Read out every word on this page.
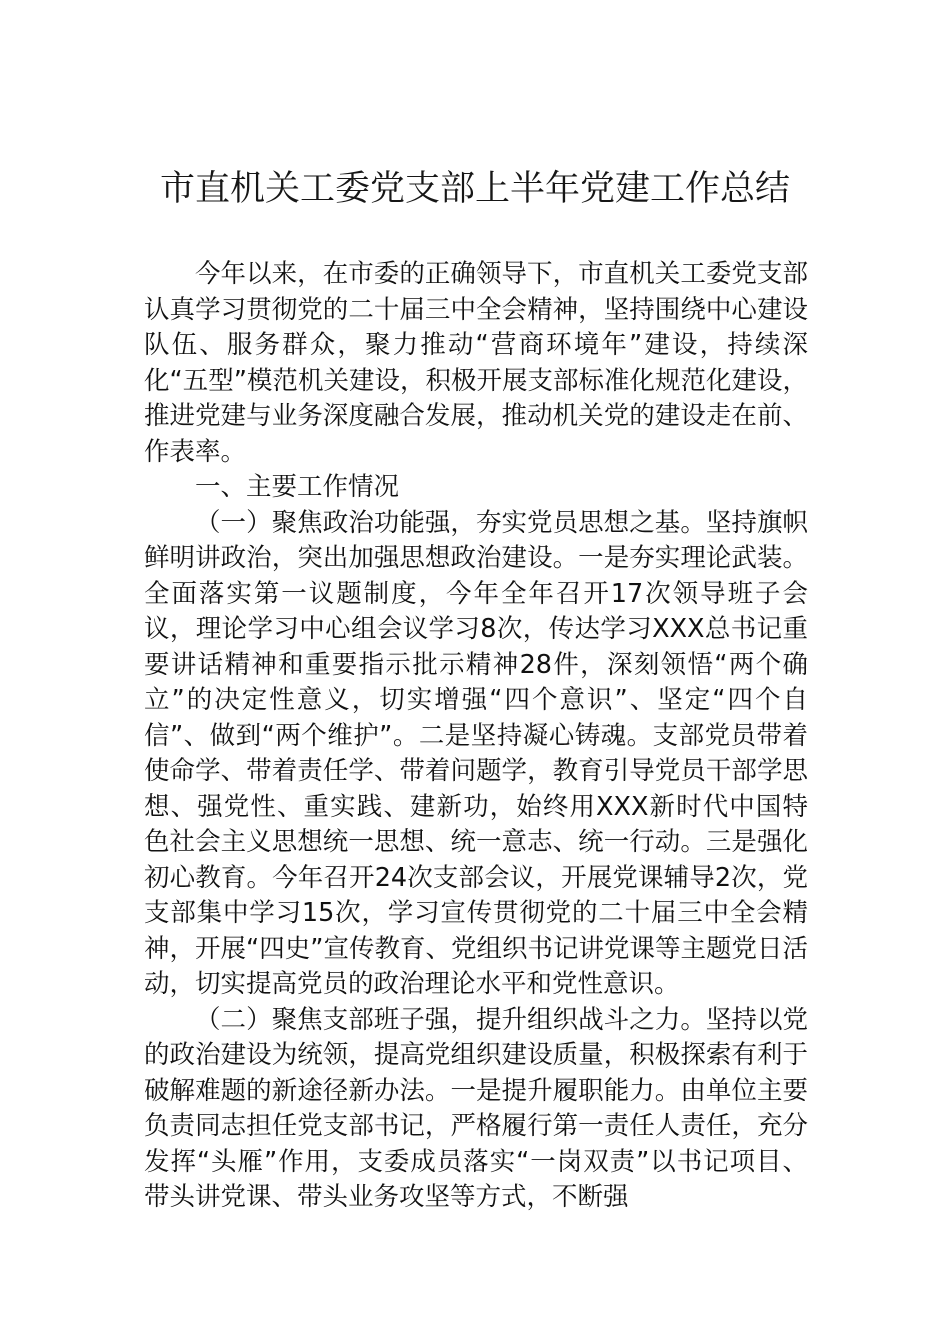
市直机关工委党支部上半年党建工作总结

今年以来，在市委的正确领导下，市直机关工委党支部认真学习贯彻党的二十届三中全会精神，坚持围绕中心建设队伍、服务群众，聚力推动“营商环境年”建设，持续深化“五型”模范机关建设，积极开展支部标准化规范化建设，推进党建与业务深度融合发展，推动机关党的建设走在前、作表率。

一、主要工作情况

（一）聚焦政治功能强，夯实党员思想之基。坚持旗帜鲜明讲政治，突出加强思想政治建设。一是夯实理论武装。全面落实第一议题制度，今年全年召开17次领导班子会议，理论学习中心组会议学习8次，传达学习XXX总书记重要讲话精神和重要指示批示精神28件，深刻领悟“两个确立”的决定性意义，切实增强“四个意识”、坚定“四个自信”、做到“两个维护”。二是坚持凝心铸魂。支部党员带着使命学、带着责任学、带着问题学，教育引导党员干部学思想、强党性、重实践、建新功，始终用XXX新时代中国特色社会主义思想统一思想、统一意志、统一行动。三是强化初心教育。今年召开24次支部会议，开展党课辅导2次，党支部集中学习15次，学习宣传贯彻党的二十届三中全会精神，开展“四史”宣传教育、党组织书记讲党课等主题党日活动，切实提高党员的政治理论水平和党性意识。

（二）聚焦支部班子强，提升组织战斗之力。坚持以党的政治建设为统领，提高党组织建设质量，积极探索有利于破解难题的新途径新办法。一是提升履职能力。由单位主要负责同志担任党支部书记，严格履行第一责任人责任，充分发挥“头雁”作用，支委成员落实“一岗双责”以书记项目、带头讲党课、带头业务攻坚等方式，不断强
